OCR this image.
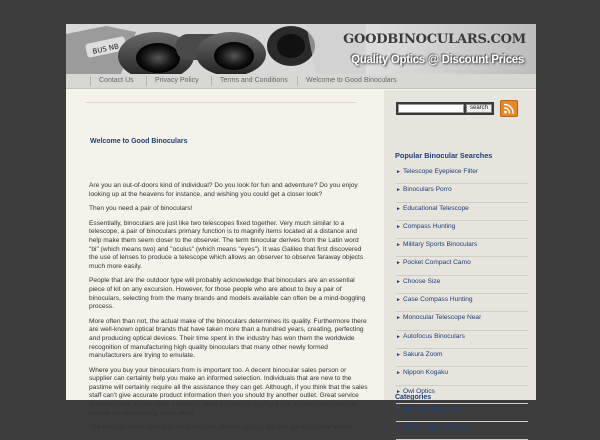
BUS NB
GOODBINOCULARS.COM
Quality Optics @ Discount Prices
Contact Us	Privacy Policy	Terms and Conditions	Welcome to Good Binoculars
Welcome to Good Binoculars

Are you an out-of-doors kind of individual? Do you look for fun and adventure? Do you enjoy looking up at the heavens for instance, and wishing you could get a closer look?

Then you need a pair of binoculars!

Essentially, binoculars are just like two telescopes fixed together. Very much similar to a telescope, a pair of binoculars primary function is to magnify items located at a distance and help make them seem closer to the observer. The term binocular derives from the Latin word "bi" (which means two) and "oculus" (which means "eyes"). It was Galileo that first discovered the use of lenses to produce a telescope which allows an observer to observe faraway objects much more easily.

People that are the outdoor type will probably acknowledge that binoculars are an essential piece of kit on any excursion. However, for those people who are about to buy a pair of binoculars, selecting from the many brands and models available can often be a mind-boggling process.

More often than not, the actual make of the binoculars determines its quality. Furthermore there are well-known optical brands that have taken more than a hundred years, creating, perfecting and producing optical devices. Their time spent in the industry has won them the worldwide recognition of manufacturing high quality binoculars that many other newly formed manufacturers are trying to emulate.

Where you buy your binoculars from is important too. A decent binocular sales person or supplier can certainly help you make an informed selection. Individuals that are new to the pastime will certainly require all the assistance they can get. Although, if you think that the sales staff can't give accurate product information then you should try another outlet. Great service shouldn't have to cost extra. However, when it comes to buying a pair of binoculars never let cost be the determining factor either.

The web has many sites that sell binoculars. Before you buy the first pair you come across,

search
Popular Binocular Searches
► Telescope Eyepiece Filter
► Binoculars Porro
► Educational Telescope
► Compass Hunting
► Military Sports Binoculars
► Pocket Compact Camo
► Choose Size
► Case Compass Hunting
► Monocular Telescope Near
► Autofocus Binoculars
► Sakura Zoom
► Nippon Kogaku
► Owl Optics
► Bushnell Imageview
► Brilliant Opera Glasses
Categories
